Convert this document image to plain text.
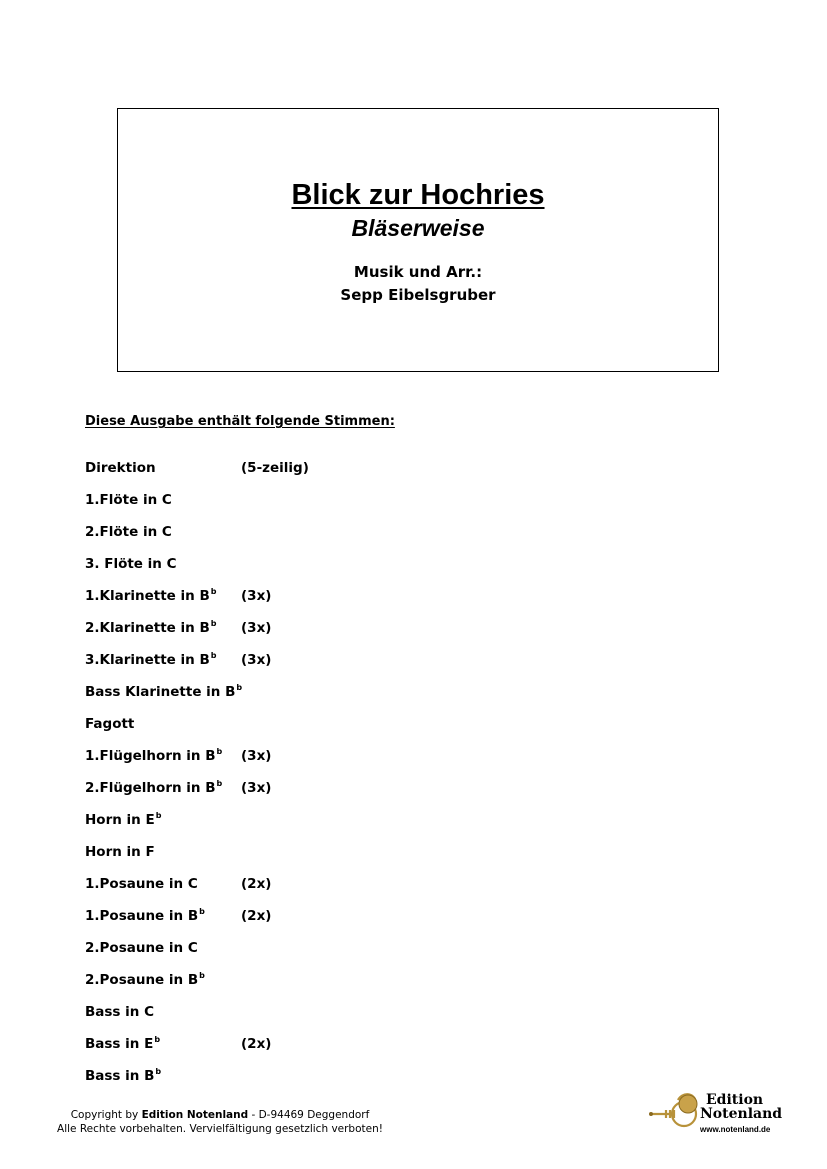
Blick zur Hochries
Bläserweise
Musik und Arr.:
Sepp Eibelsgruber
Diese Ausgabe enthält folgende Stimmen:
Direktion	(5-zeilig)
1.Flöte in C
2.Flöte in C
3. Flöte in C
1.Klarinette in $B^b$ (3x)
2.Klarinette in $B^b$ (3x)
3.Klarinette in $B^b$ (3x)
Bass Klarinette in $B^b$
Fagott
1.Flügelhorn in $B^b$ (3x)
2.Flügelhorn in $B^b$ (3x)
Horn in $E^b$
Horn in F
1.Posaune in C	(2x)
1.Posaune in $B^b$	(2x)
2.Posaune in C
2.Posaune in $B^b$
Bass in C
Bass in $E^b$	(2x)
Bass in $B^b$
Copyright by Edition Notenland - D-94469 Deggendorf
Alle Rechte vorbehalten. Vervielfältigung gesetzlich verboten!
Edition
Notenland
www.notenland.de
